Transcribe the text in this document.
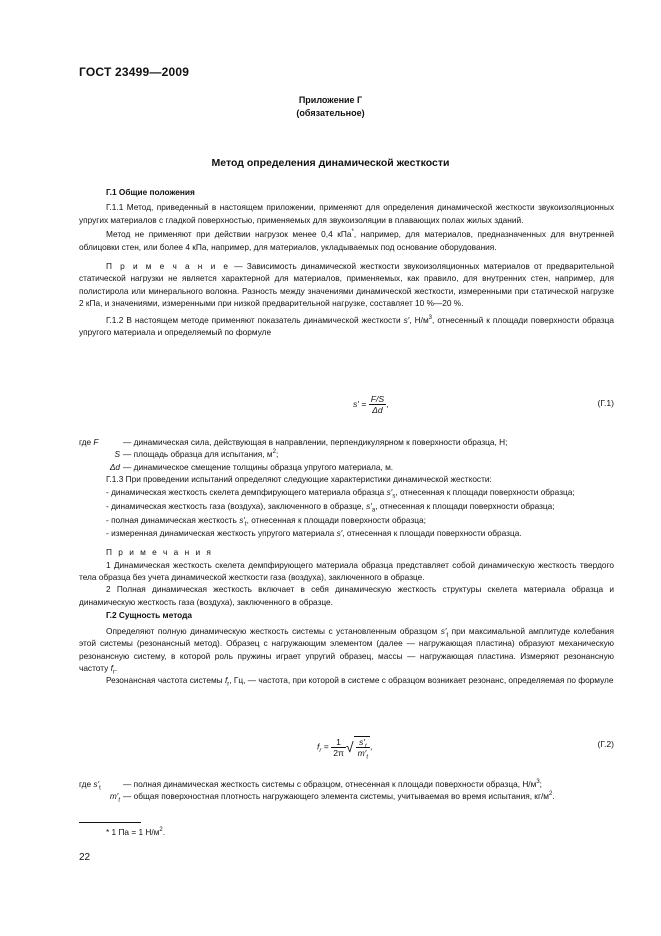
ГОСТ 23499—2009
Приложение Г
(обязательное)
Метод определения динамической жесткости

Г.1 Общие положения

Г.1.1 Метод, приведенный в настоящем приложении, применяют для определения динамической жесткости звукоизоляционных упругих материалов с гладкой поверхностью, применяемых для звукоизоляции в плавающих полах жилых зданий.

Метод не применяют при действии нагрузок менее 0,4 кПа*, например, для материалов, предназначенных для внутренней облицовки стен, или более 4 кПа, например, для материалов, укладываемых под основание оборудования.

П р и м е ч а н и е — Зависимость динамической жесткости звукоизоляционных материалов от предварительной статической нагрузки не является характерной для материалов, применяемых, как правило, для внутренних стен, например, для полистирола или минерального волокна. Разность между значениями динамической жесткости, измеренными при статической нагрузке 2 кПа, и значениями, измеренными при низкой предварительной нагрузке, составляет 10 %—20 %.

Г.1.2 В настоящем методе применяют показатель динамической жесткости s′, $Н/м^3$, отнесенный к площади поверхности образца упругого материала и определяемый по формуле

$s' = \frac{F/S}{\Delta d}$ ,	(Г.1)
где F	— динамическая сила, действующая в направлении, перпендикулярном к поверхности образца, Н;
S — площадь образца для испытания, $м^2$;
Δd — динамическое смещение толщины образца упругого материала, м.

Г.1.3 При проведении испытаний определяют следующие характеристики динамической жесткости:

- динамическая жесткость скелета демпфирующего материала образца $s'_s$, отнесенная к площади поверхности образца;

- динамическая жесткость газа (воздуха), заключенного в образце, $s'_a$, отнесенная к площади поверхности образца;

- полная динамическая жесткость $s'_t$, отнесенная к площади поверхности образца;

- измеренная динамическая жесткость упругого материала s′, отнесенная к площади поверхности образца.

П р и м е ч а н и я

1 Динамическая жесткость скелета демпфирующего материала образца представляет собой динамическую жесткость твердого тела образца без учета динамической жесткости газа (воздуха), заключенного в образце.

2 Полная динамическая жесткость включает в себя динамическую жесткость структуры скелета материала образца и динамическую жесткость газа (воздуха), заключенного в образце.

Г.2 Сущность метода

Определяют полную динамическую жесткость системы с установленным образцом $s'_t$ при максимальной амплитуде колебания этой системы (резонансный метод). Образец с нагружающим элементом (далее — нагружающая пластина) образуют механическую резонансную систему, в которой роль пружины играет упругий образец, массы — нагружающая пластина. Измеряют резонансную частоту $f_r$.

Резонансная частота системы $f_r$, Гц, — частота, при которой в системе с образцом возникает резонанс, определяемая по формуле

$f_r = \frac{1}{2\pi}$ √ $\frac{s'_t}{m'_t}$ ,	(Г.2)
где $s'_t$	— полная динамическая жесткость системы с образцом, отнесенная к площади поверхности образца, $Н/м^3$;
$m'_t$ — общая поверхностная плотность нагружающего элемента системы, учитываемая во время испытания, $кг/м^2$.
* 1 Па = 1 $Н/м^2$.
22
